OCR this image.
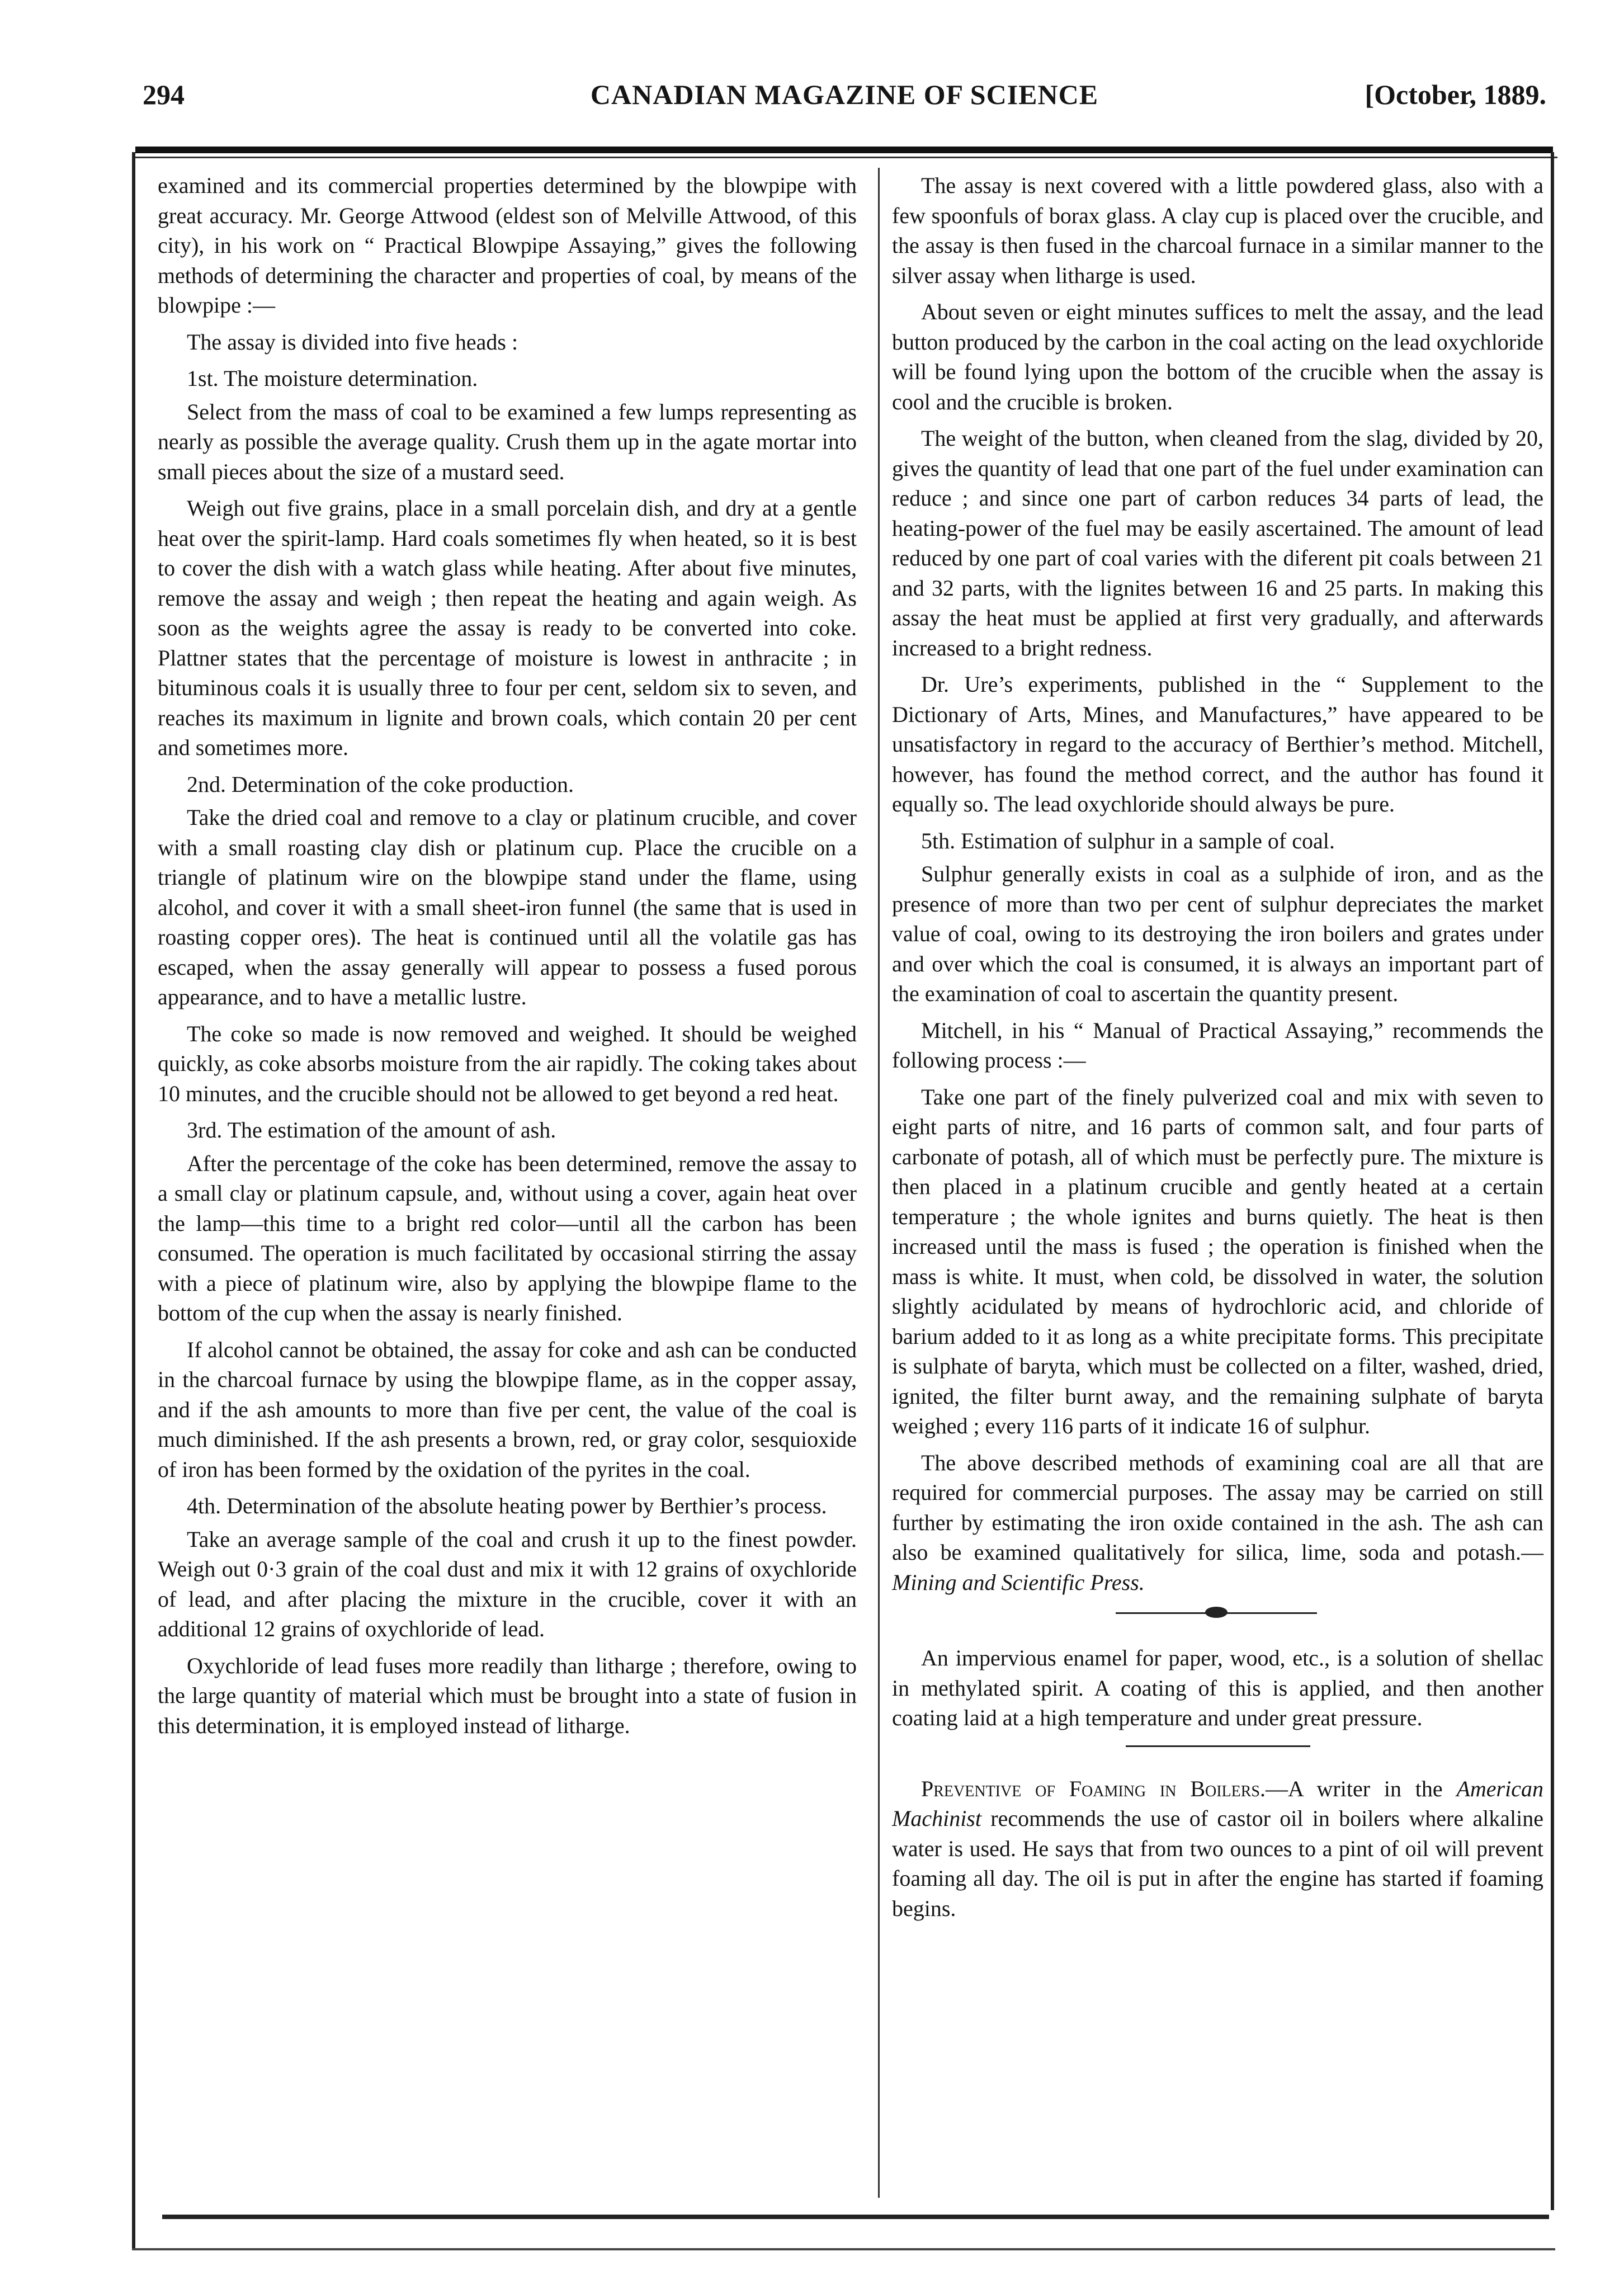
294	CANADIAN MAGAZINE OF SCIENCE	[October, 1889.

examined and its commercial properties determined by the blowpipe with great accuracy. Mr. George Attwood (eldest son of Melville Attwood, of this city), in his work on “ Practical Blowpipe Assaying,” gives the following methods of determining the character and properties of coal, by means of the blowpipe :—

The assay is divided into five heads :

1st. The moisture determination.

Select from the mass of coal to be examined a few lumps representing as nearly as possible the average quality. Crush them up in the agate mortar into small pieces about the size of a mustard seed.

Weigh out five grains, place in a small porcelain dish, and dry at a gentle heat over the spirit-lamp. Hard coals sometimes fly when heated, so it is best to cover the dish with a watch glass while heating. After about five minutes, remove the assay and weigh ; then repeat the heating and again weigh. As soon as the weights agree the assay is ready to be converted into coke. Plattner states that the percentage of moisture is lowest in anthracite ; in bituminous coals it is usually three to four per cent, seldom six to seven, and reaches its maximum in lignite and brown coals, which contain 20 per cent and sometimes more.

2nd. Determination of the coke production.

Take the dried coal and remove to a clay or platinum crucible, and cover with a small roasting clay dish or platinum cup. Place the crucible on a triangle of platinum wire on the blowpipe stand under the flame, using alcohol, and cover it with a small sheet-iron funnel (the same that is used in roasting copper ores). The heat is continued until all the volatile gas has escaped, when the assay generally will appear to possess a fused porous appearance, and to have a metallic lustre.

The coke so made is now removed and weighed. It should be weighed quickly, as coke absorbs moisture from the air rapidly. The coking takes about 10 minutes, and the crucible should not be allowed to get beyond a red heat.

3rd. The estimation of the amount of ash.

After the percentage of the coke has been determined, remove the assay to a small clay or platinum capsule, and, without using a cover, again heat over the lamp—this time to a bright red color—until all the carbon has been consumed. The operation is much facilitated by occasional stirring the assay with a piece of platinum wire, also by applying the blowpipe flame to the bottom of the cup when the assay is nearly finished.

If alcohol cannot be obtained, the assay for coke and ash can be conducted in the charcoal furnace by using the blowpipe flame, as in the copper assay, and if the ash amounts to more than five per cent, the value of the coal is much diminished. If the ash presents a brown, red, or gray color, sesquioxide of iron has been formed by the oxidation of the pyrites in the coal.

4th. Determination of the absolute heating power by Berthier’s process.

Take an average sample of the coal and crush it up to the finest powder. Weigh out 0·3 grain of the coal dust and mix it with 12 grains of oxychloride of lead, and after placing the mixture in the crucible, cover it with an additional 12 grains of oxychloride of lead.

Oxychloride of lead fuses more readily than litharge ; therefore, owing to the large quantity of material which must be brought into a state of fusion in this determination, it is employed instead of litharge.

The assay is next covered with a little powdered glass, also with a few spoonfuls of borax glass. A clay cup is placed over the crucible, and the assay is then fused in the charcoal furnace in a similar manner to the silver assay when litharge is used.

About seven or eight minutes suffices to melt the assay, and the lead button produced by the carbon in the coal acting on the lead oxychloride will be found lying upon the bottom of the crucible when the assay is cool and the crucible is broken.

The weight of the button, when cleaned from the slag, divided by 20, gives the quantity of lead that one part of the fuel under examination can reduce ; and since one part of carbon reduces 34 parts of lead, the heating-power of the fuel may be easily ascertained. The amount of lead reduced by one part of coal varies with the diferent pit coals between 21 and 32 parts, with the lignites between 16 and 25 parts. In making this assay the heat must be applied at first very gradually, and afterwards increased to a bright redness.

Dr. Ure’s experiments, published in the “ Supplement to the Dictionary of Arts, Mines, and Manufactures,” have appeared to be unsatisfactory in regard to the accuracy of Berthier’s method. Mitchell, however, has found the method correct, and the author has found it equally so. The lead oxychloride should always be pure.

5th. Estimation of sulphur in a sample of coal.

Sulphur generally exists in coal as a sulphide of iron, and as the presence of more than two per cent of sulphur depreciates the market value of coal, owing to its destroying the iron boilers and grates under and over which the coal is consumed, it is always an important part of the examination of coal to ascertain the quantity present.

Mitchell, in his “ Manual of Practical Assaying,” recommends the following process :—

Take one part of the finely pulverized coal and mix with seven to eight parts of nitre, and 16 parts of common salt, and four parts of carbonate of potash, all of which must be perfectly pure. The mixture is then placed in a platinum crucible and gently heated at a certain temperature ; the whole ignites and burns quietly. The heat is then increased until the mass is fused ; the operation is finished when the mass is white. It must, when cold, be dissolved in water, the solution slightly acidulated by means of hydrochloric acid, and chloride of barium added to it as long as a white precipitate forms. This precipitate is sulphate of baryta, which must be collected on a filter, washed, dried, ignited, the filter burnt away, and the remaining sulphate of baryta weighed ; every 116 parts of it indicate 16 of sulphur.

The above described methods of examining coal are all that are required for commercial purposes. The assay may be carried on still further by estimating the iron oxide contained in the ash. The ash can also be examined qualitatively for silica, lime, soda and potash.—Mining and Scientific Press.

An impervious enamel for paper, wood, etc., is a solution of shellac in methylated spirit. A coating of this is applied, and then another coating laid at a high temperature and under great pressure.

Preventive of Foaming in Boilers.—A writer in the American Machinist recommends the use of castor oil in boilers where alkaline water is used. He says that from two ounces to a pint of oil will prevent foaming all day. The oil is put in after the engine has started if foaming begins.
